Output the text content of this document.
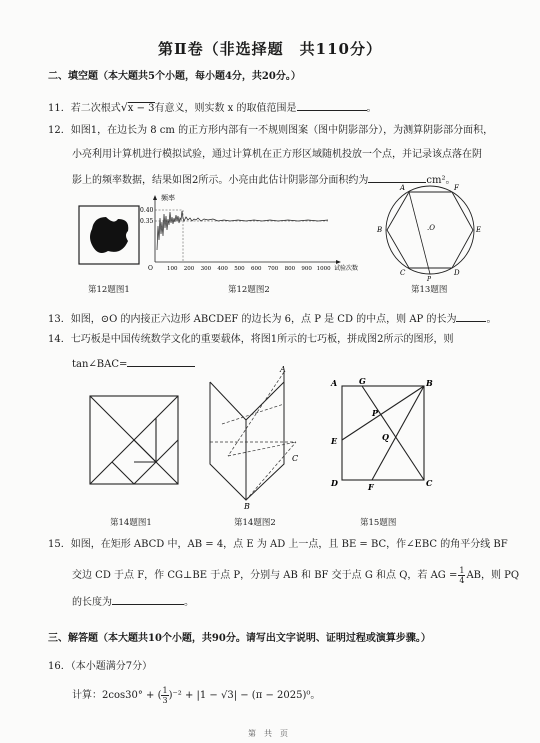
第Ⅱ卷（非选择题　共110分）
二、填空题（本大题共5个小题，每小题4分，共20分。）
11．若二次根式√x − 3有意义，则实数 x 的取值范围是	。
12．如图1，在边长为 8 cm 的正方形内部有一不规则图案（图中阴影部分），为测算阴影部分面积，
小亮利用计算机进行模拟试验，通过计算机在正方形区域随机投放一个点，并记录该点落在阴
影上的频率数据，结果如图2所示。小亮由此估计阴影部分面积约为	cm²。
第12题图1
频率
0.40
0.35
O	100 200 300 400 500 600 700 800 900 1000 试验次数
第12题图2
A	F
B	E
C	D
P
.O
第13题图
13．如图，⊙O 的内接正六边形 ABCDEF 的边长为 6，点 P 是 CD 的中点，则 AP 的长为	。
14．七巧板是中国传统数学文化的重要载体，将图1所示的七巧板，拼成图2所示的图形，则
tan∠BAC=
第14题图1
A
C
B
第14题图2
A	G	B
P
E	Q
D	F	C
第15题图
15．如图，在矩形 ABCD 中，AB = 4，点 E 为 AD 上一点，且 BE = BC，作∠EBC 的角平分线 BF
交边 CD 于点 F，作 CG⊥BE 于点 P，分别与 AB 和 BF 交于点 G 和点 Q，若 AG = $\frac{1}{4}$ AB，则 PQ
的长度为	。
三、解答题（本大题共10个小题，共90分。请写出文字说明、证明过程或演算步骤。）
16．（本小题满分7分）
计算：2cos30° + ( $\frac{1}{3} )^{-2} + |1 - √3| - (\pi - 2025)^0$。
第　共　页
